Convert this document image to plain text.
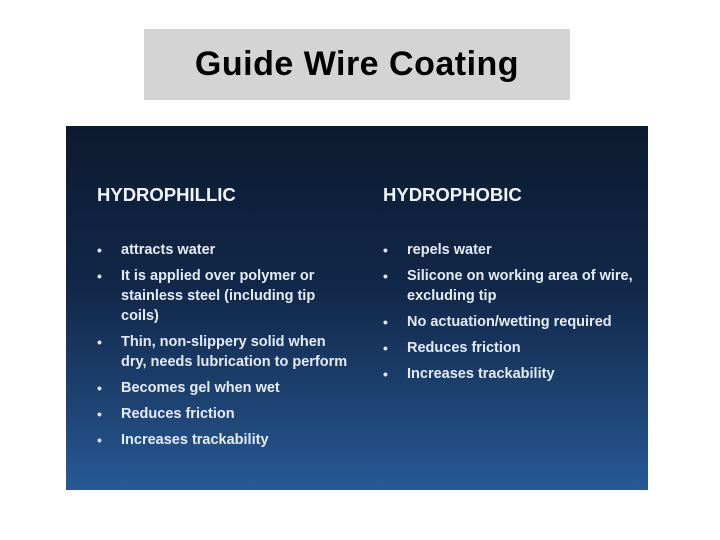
Guide Wire Coating
HYDROPHILLIC
• attracts water
• It is applied over polymer or stainless steel (including tip coils)
• Thin, non-slippery solid when dry, needs lubrication to perform
• Becomes gel when wet
• Reduces friction
• Increases trackability
HYDROPHOBIC
• repels water
• Silicone on working area of wire, excluding tip
• No actuation/wetting required
• Reduces friction
• Increases trackability
